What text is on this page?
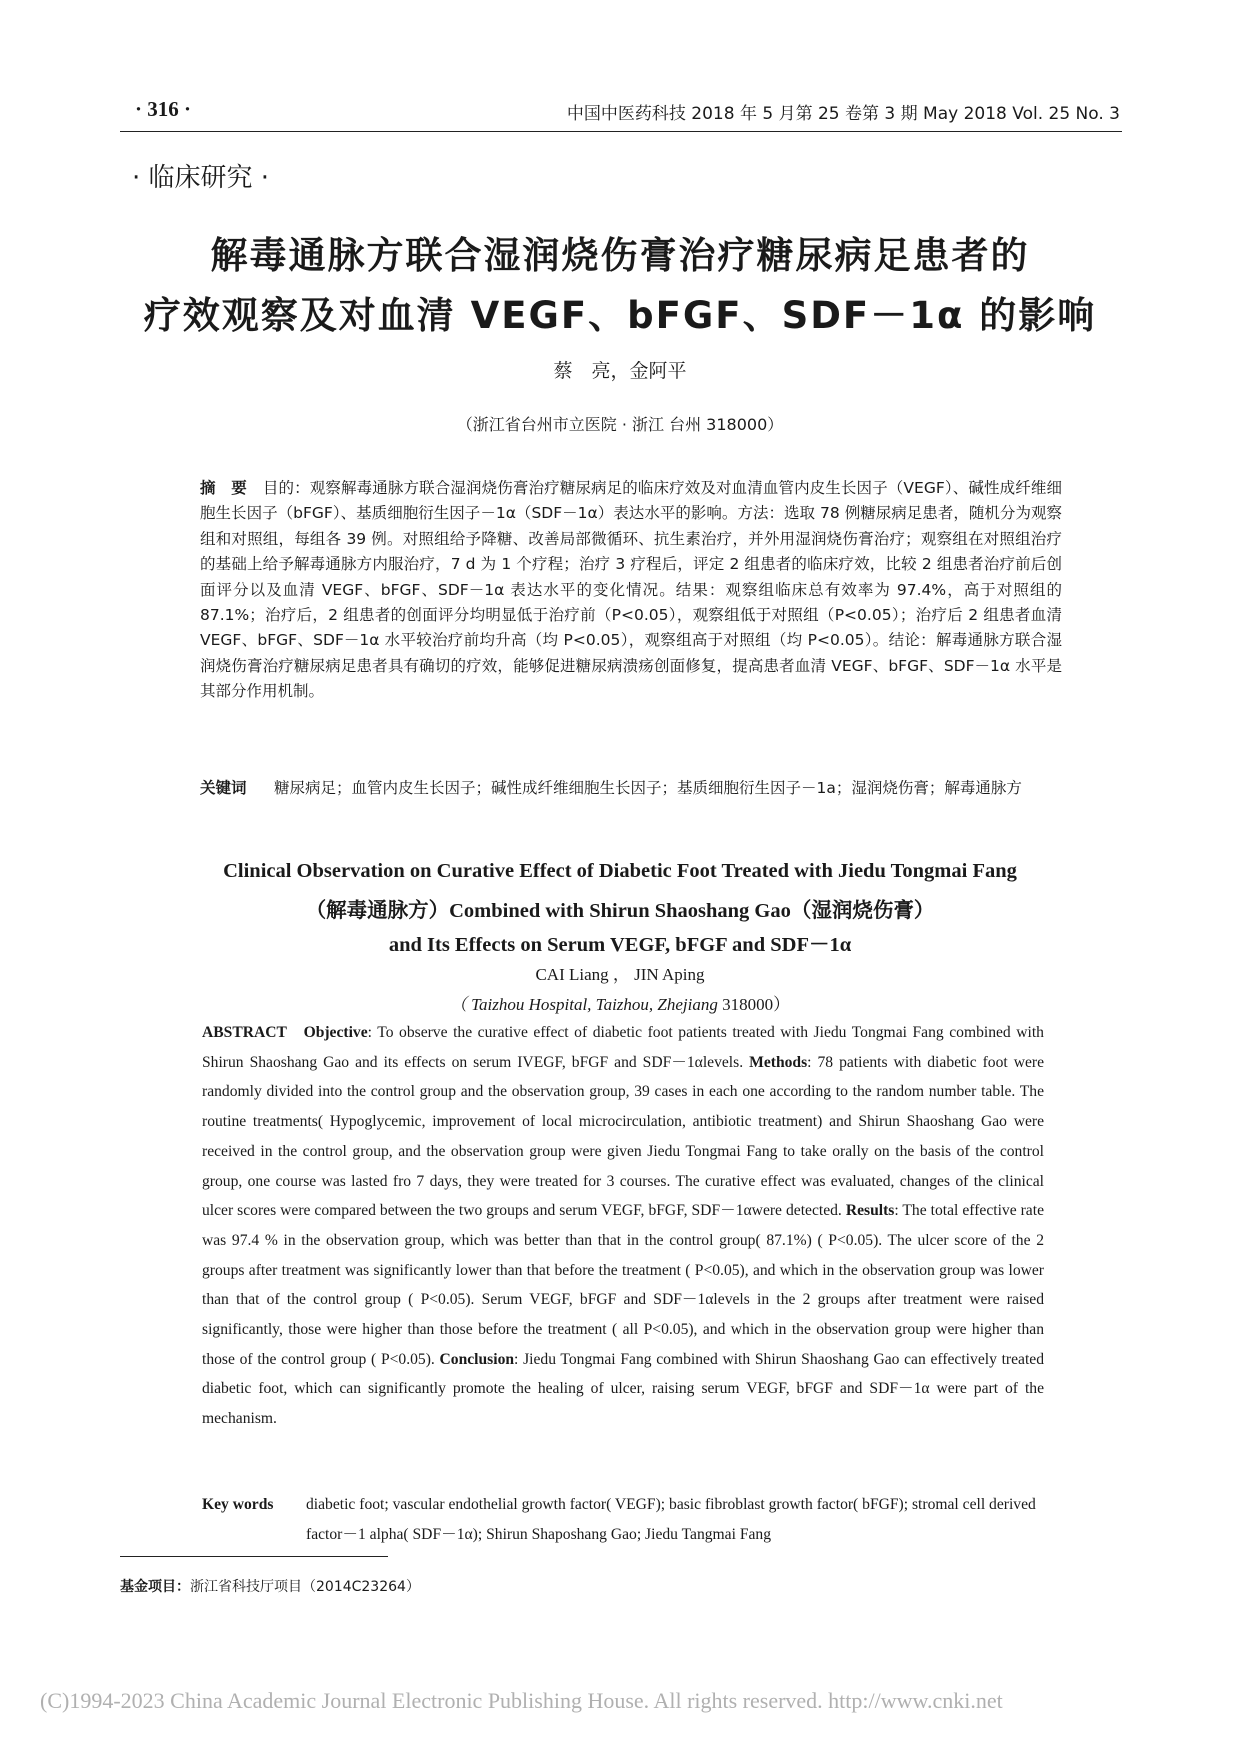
· 316 ·	中国中医药科技 2018 年 5 月第 25 卷第 3 期 May 2018 Vol. 25 No. 3
· 临床研究 ·
解毒通脉方联合湿润烧伤膏治疗糖尿病足患者的
疗效观察及对血清 VEGF、bFGF、SDF－1α 的影响
蔡　亮，金阿平
（浙江省台州市立医院 · 浙江 台州 318000）
摘　要 目的：观察解毒通脉方联合湿润烧伤膏治疗糖尿病足的临床疗效及对血清血管内皮生长因子（VEGF）、碱性成纤维细胞生长因子（bFGF）、基质细胞衍生因子－1α（SDF－1α）表达水平的影响。方法：选取 78 例糖尿病足患者，随机分为观察组和对照组，每组各 39 例。对照组给予降糖、改善局部微循环、抗生素治疗，并外用湿润烧伤膏治疗；观察组在对照组治疗的基础上给予解毒通脉方内服治疗，7 d 为 1 个疗程；治疗 3 疗程后，评定 2 组患者的临床疗效，比较 2 组患者治疗前后创面评分以及血清 VEGF、bFGF、SDF－1α 表达水平的变化情况。结果：观察组临床总有效率为 97.4%，高于对照组的 87.1%；治疗后，2 组患者的创面评分均明显低于治疗前（P<0.05），观察组低于对照组（P<0.05）；治疗后 2 组患者血清 VEGF、bFGF、SDF－1α 水平较治疗前均升高（均 P<0.05），观察组高于对照组（均 P<0.05）。结论：解毒通脉方联合湿润烧伤膏治疗糖尿病足患者具有确切的疗效，能够促进糖尿病溃疡创面修复，提高患者血清 VEGF、bFGF、SDF－1α 水平是其部分作用机制。
关键词 糖尿病足；血管内皮生长因子；碱性成纤维细胞生长因子；基质细胞衍生因子－1a；湿润烧伤膏；解毒通脉方
Clinical Observation on Curative Effect of Diabetic Foot Treated with Jiedu Tongmai Fang
（解毒通脉方）Combined with Shirun Shaoshang Gao（湿润烧伤膏）
and Its Effects on Serum VEGF, bFGF and SDF－1α
CAI Liang ， JIN Aping
（ Taizhou Hospital, Taizhou, Zhejiang 318000）
ABSTRACT Objective: To observe the curative effect of diabetic foot patients treated with Jiedu Tongmai Fang combined with Shirun Shaoshang Gao and its effects on serum IVEGF, bFGF and SDF－1αlevels. Methods: 78 patients with diabetic foot were randomly divided into the control group and the observation group, 39 cases in each one according to the random number table. The routine treatments( Hypoglycemic, improvement of local microcirculation, antibiotic treatment) and Shirun Shaoshang Gao were received in the control group, and the observation group were given Jiedu Tongmai Fang to take orally on the basis of the control group, one course was lasted fro 7 days, they were treated for 3 courses. The curative effect was evaluated, changes of the clinical ulcer scores were compared between the two groups and serum VEGF, bFGF, SDF－1αwere detected. Results: The total effective rate was 97.4 % in the observation group, which was better than that in the control group( 87.1%) ( P<0.05). The ulcer score of the 2 groups after treatment was significantly lower than that before the treatment ( P<0.05), and which in the observation group was lower than that of the control group ( P<0.05). Serum VEGF, bFGF and SDF－1αlevels in the 2 groups after treatment were raised significantly, those were higher than those before the treatment ( all P<0.05), and which in the observation group were higher than those of the control group ( P<0.05). Conclusion: Jiedu Tongmai Fang combined with Shirun Shaoshang Gao can effectively treated diabetic foot, which can significantly promote the healing of ulcer, raising serum VEGF, bFGF and SDF－1α were part of the mechanism.
Key words diabetic foot; vascular endothelial growth factor( VEGF); basic fibroblast growth factor( bFGF); stromal cell derived factor－1 alpha( SDF－1α); Shirun Shaposhang Gao; Jiedu Tangmai Fang
基金项目：浙江省科技厅项目（2014C23264）
(C)1994-2023 China Academic Journal Electronic Publishing House. All rights reserved. http://www.cnki.net
